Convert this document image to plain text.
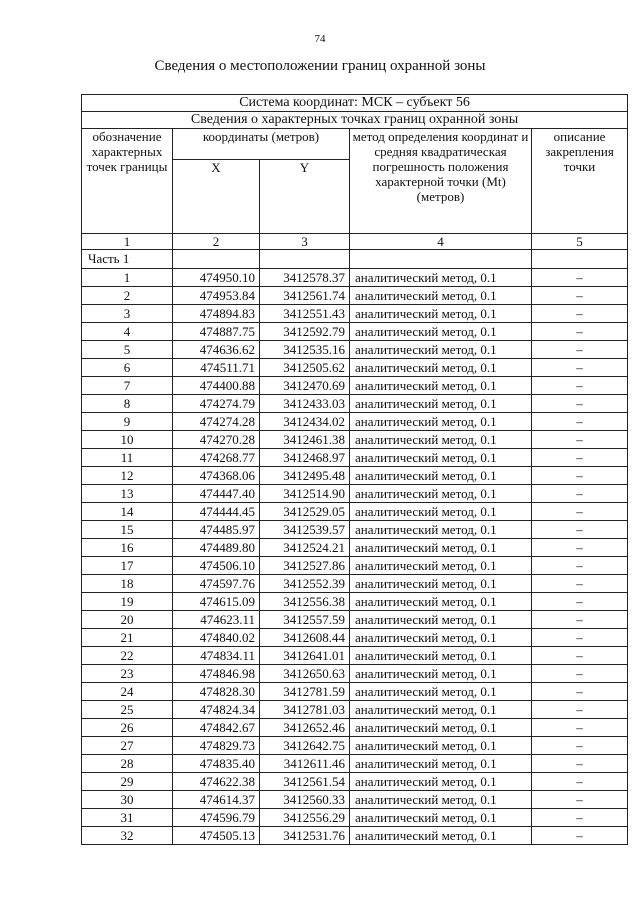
74
Сведения о местоположении границ охранной зоны
Система координат: МСК – субъект 56				
Сведения о характерных точках границ охранной зоны				
обозначение характерных точек границы	координаты (метров)		метод определения координат и средняя квадратическая погрешность положения характерной точки (Mt) (метров)	описание закрепления точки
	X	Y		
1	2	3	4	5
Часть 1				
1	474950.10	3412578.37	аналитический метод, 0.1	–
2	474953.84	3412561.74	аналитический метод, 0.1	–
3	474894.83	3412551.43	аналитический метод, 0.1	–
4	474887.75	3412592.79	аналитический метод, 0.1	–
5	474636.62	3412535.16	аналитический метод, 0.1	–
6	474511.71	3412505.62	аналитический метод, 0.1	–
7	474400.88	3412470.69	аналитический метод, 0.1	–
8	474274.79	3412433.03	аналитический метод, 0.1	–
9	474274.28	3412434.02	аналитический метод, 0.1	–
10	474270.28	3412461.38	аналитический метод, 0.1	–
11	474268.77	3412468.97	аналитический метод, 0.1	–
12	474368.06	3412495.48	аналитический метод, 0.1	–
13	474447.40	3412514.90	аналитический метод, 0.1	–
14	474444.45	3412529.05	аналитический метод, 0.1	–
15	474485.97	3412539.57	аналитический метод, 0.1	–
16	474489.80	3412524.21	аналитический метод, 0.1	–
17	474506.10	3412527.86	аналитический метод, 0.1	–
18	474597.76	3412552.39	аналитический метод, 0.1	–
19	474615.09	3412556.38	аналитический метод, 0.1	–
20	474623.11	3412557.59	аналитический метод, 0.1	–
21	474840.02	3412608.44	аналитический метод, 0.1	–
22	474834.11	3412641.01	аналитический метод, 0.1	–
23	474846.98	3412650.63	аналитический метод, 0.1	–
24	474828.30	3412781.59	аналитический метод, 0.1	–
25	474824.34	3412781.03	аналитический метод, 0.1	–
26	474842.67	3412652.46	аналитический метод, 0.1	–
27	474829.73	3412642.75	аналитический метод, 0.1	–
28	474835.40	3412611.46	аналитический метод, 0.1	–
29	474622.38	3412561.54	аналитический метод, 0.1	–
30	474614.37	3412560.33	аналитический метод, 0.1	–
31	474596.79	3412556.29	аналитический метод, 0.1	–
32	474505.13	3412531.76	аналитический метод, 0.1	–
